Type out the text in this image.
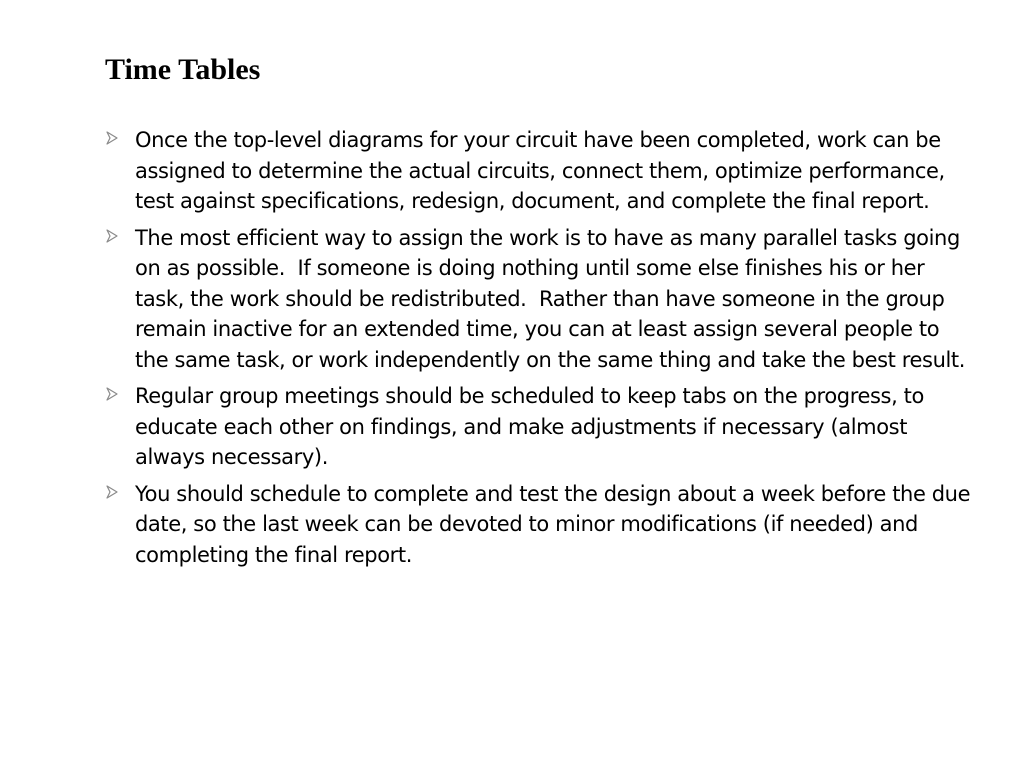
Time Tables
Once the top-level diagrams for your circuit have been completed, work can be assigned to determine the actual circuits, connect them, optimize performance, test against specifications, redesign, document, and complete the final report.
The most efficient way to assign the work is to have as many parallel tasks going on as possible.  If someone is doing nothing until some else finishes his or her task, the work should be redistributed.  Rather than have someone in the group remain inactive for an extended time, you can at least assign several people to the same task, or work independently on the same thing and take the best result.
Regular group meetings should be scheduled to keep tabs on the progress, to educate each other on findings, and make adjustments if necessary (almost always necessary).
You should schedule to complete and test the design about a week before the due date, so the last week can be devoted to minor modifications (if needed) and completing the final report.
